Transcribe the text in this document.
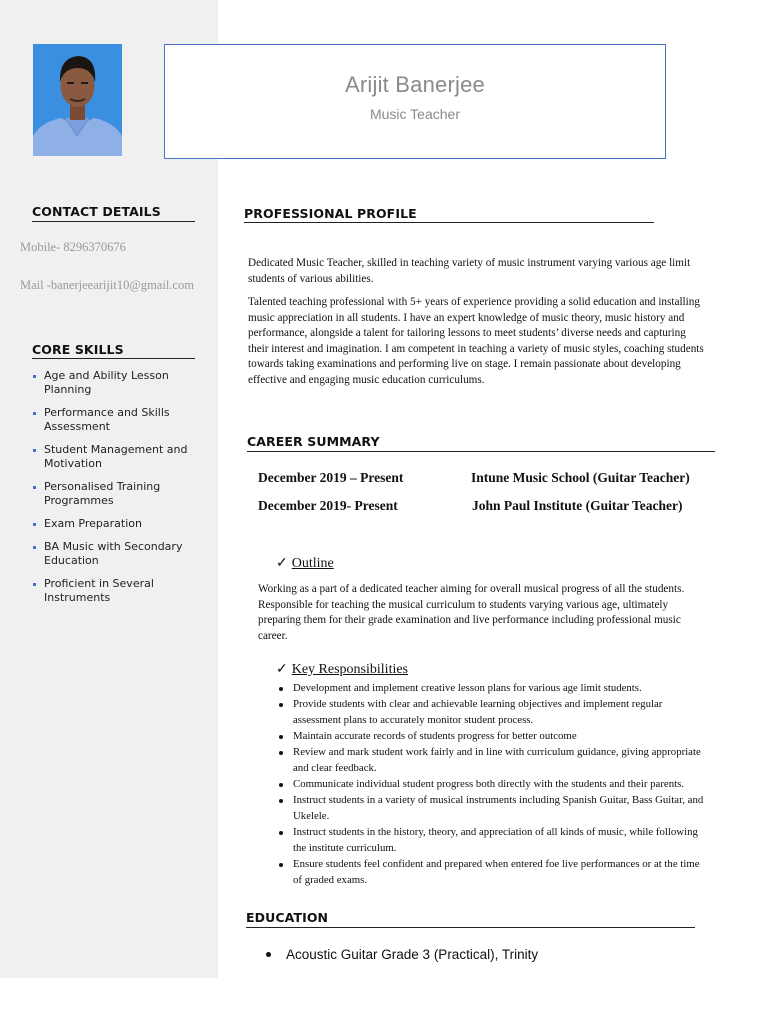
Arijit Banerjee
Music Teacher
CONTACT DETAILS
Mobile- 8296370676
Mail -banerjeearijit10@gmail.com
CORE SKILLS
Age and Ability Lesson Planning
Performance and Skills Assessment
Student Management and Motivation
Personalised Training Programmes
Exam Preparation
BA Music with Secondary Education
Proficient in Several Instruments
PROFESSIONAL PROFILE
Dedicated Music Teacher, skilled in teaching variety of music instrument varying various age limit students of various abilities.
Talented teaching professional with 5+ years of experience providing a solid education and installing music appreciation in all students. I have an expert knowledge of music theory, music history and performance, alongside a talent for tailoring lessons to meet students’ diverse needs and capturing their interest and imagination. I am competent in teaching a variety of music styles, coaching students towards taking examinations and performing live on stage. I remain passionate about developing effective and engaging music education curriculums.
CAREER SUMMARY
December 2019 – Present	Intune Music School (Guitar Teacher)
December 2019- Present	John Paul Institute (Guitar Teacher)
✓ Outline
Working as a part of a dedicated teacher aiming for overall musical progress of all the students. Responsible for teaching the musical curriculum to students varying various age, ultimately preparing them for their grade examination and live performance including professional music career.
✓ Key Responsibilities
Development and implement creative lesson plans for various age limit students.
Provide students with clear and achievable learning objectives and implement regular assessment plans to accurately monitor student process.
Maintain accurate records of students progress for better outcome
Review and mark student work fairly and in line with curriculum guidance, giving appropriate and clear feedback.
Communicate individual student progress both directly with the students and their parents.
Instruct students in a variety of musical instruments including Spanish Guitar, Bass Guitar, and Ukelele.
Instruct students in the history, theory, and appreciation of all kinds of music, while following the institute curriculum.
Ensure students feel confident and prepared when entered foe live performances or at the time of graded exams.
EDUCATION
Acoustic Guitar Grade 3 (Practical), Trinity
